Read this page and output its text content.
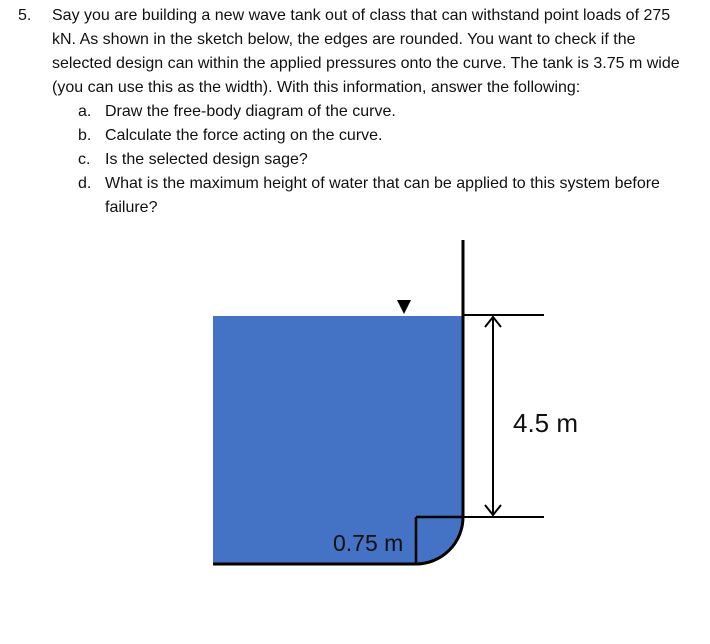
5.	Say you are building a new wave tank out of class that can withstand point loads of 275
kN. As shown in the sketch below, the edges are rounded. You want to check if the
selected design can within the applied pressures onto the curve. The tank is 3.75 m wide
(you can use this as the width). With this information, answer the following:
a. Draw the free-body diagram of the curve.
b. Calculate the force acting on the curve.
c. Is the selected design sage?
d. What is the maximum height of water that can be applied to this system before
failure?
4.5 m
0.75 m
